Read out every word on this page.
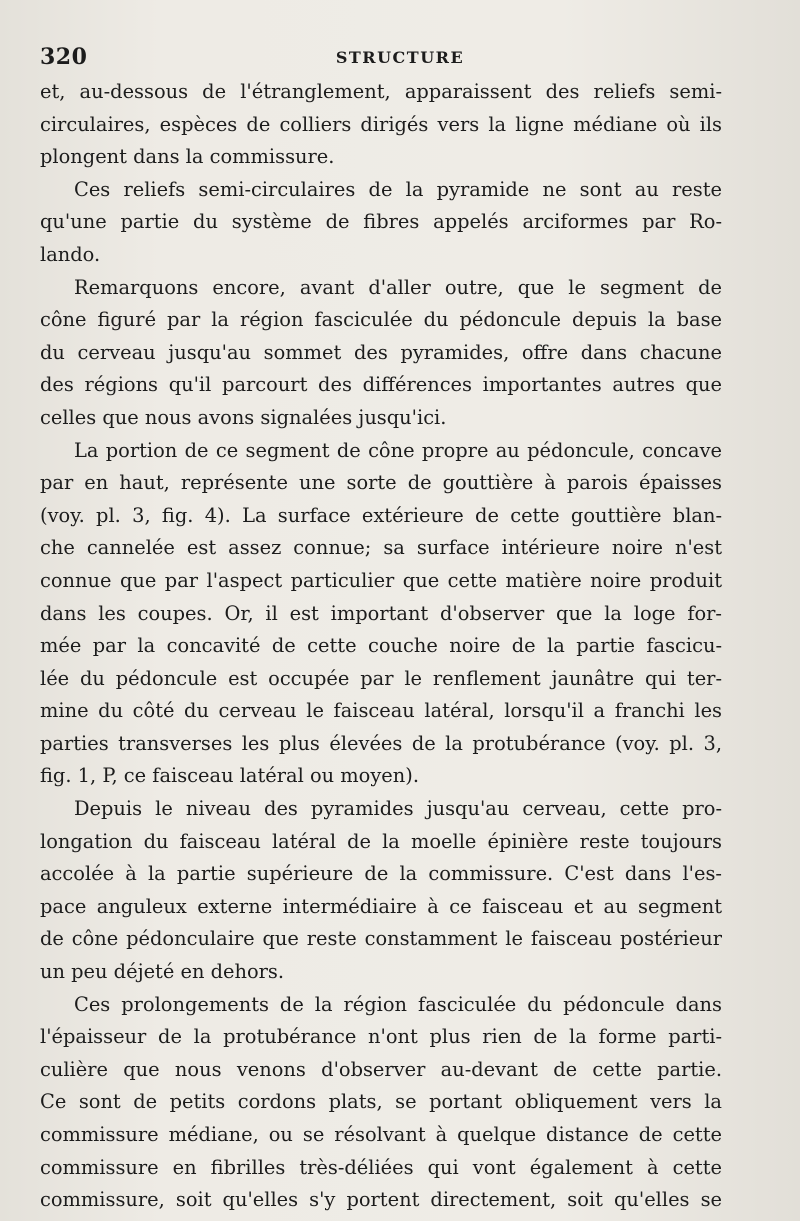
320	STRUCTURE
et, au-dessous de l'étranglement, apparaissent des reliefs semi-
circulaires, espèces de colliers dirigés vers la ligne médiane où ils
plongent dans la commissure.
Ces reliefs semi-circulaires de la pyramide ne sont au reste
qu'une partie du système de fibres appelés arciformes par Ro-
lando.
Remarquons encore, avant d'aller outre, que le segment de
cône figuré par la région fasciculée du pédoncule depuis la base
du cerveau jusqu'au sommet des pyramides, offre dans chacune
des régions qu'il parcourt des différences importantes autres que
celles que nous avons signalées jusqu'ici.
La portion de ce segment de cône propre au pédoncule, concave
par en haut, représente une sorte de gouttière à parois épaisses
(voy. pl. 3, fig. 4). La surface extérieure de cette gouttière blan-
che cannelée est assez connue; sa surface intérieure noire n'est
connue que par l'aspect particulier que cette matière noire produit
dans les coupes. Or, il est important d'observer que la loge for-
mée par la concavité de cette couche noire de la partie fascicu-
lée du pédoncule est occupée par le renflement jaunâtre qui ter-
mine du côté du cerveau le faisceau latéral, lorsqu'il a franchi les
parties transverses les plus élevées de la protubérance (voy. pl. 3,
fig. 1, P, ce faisceau latéral ou moyen).
Depuis le niveau des pyramides jusqu'au cerveau, cette pro-
longation du faisceau latéral de la moelle épinière reste toujours
accolée à la partie supérieure de la commissure. C'est dans l'es-
pace anguleux externe intermédiaire à ce faisceau et au segment
de cône pédonculaire que reste constamment le faisceau postérieur
un peu déjeté en dehors.
Ces prolongements de la région fasciculée du pédoncule dans
l'épaisseur de la protubérance n'ont plus rien de la forme parti-
culière que nous venons d'observer au-devant de cette partie.
Ce sont de petits cordons plats, se portant obliquement vers la
commissure médiane, ou se résolvant à quelque distance de cette
commissure en fibrilles très-déliées qui vont également à cette
commissure, soit qu'elles s'y portent directement, soit qu'elles se
